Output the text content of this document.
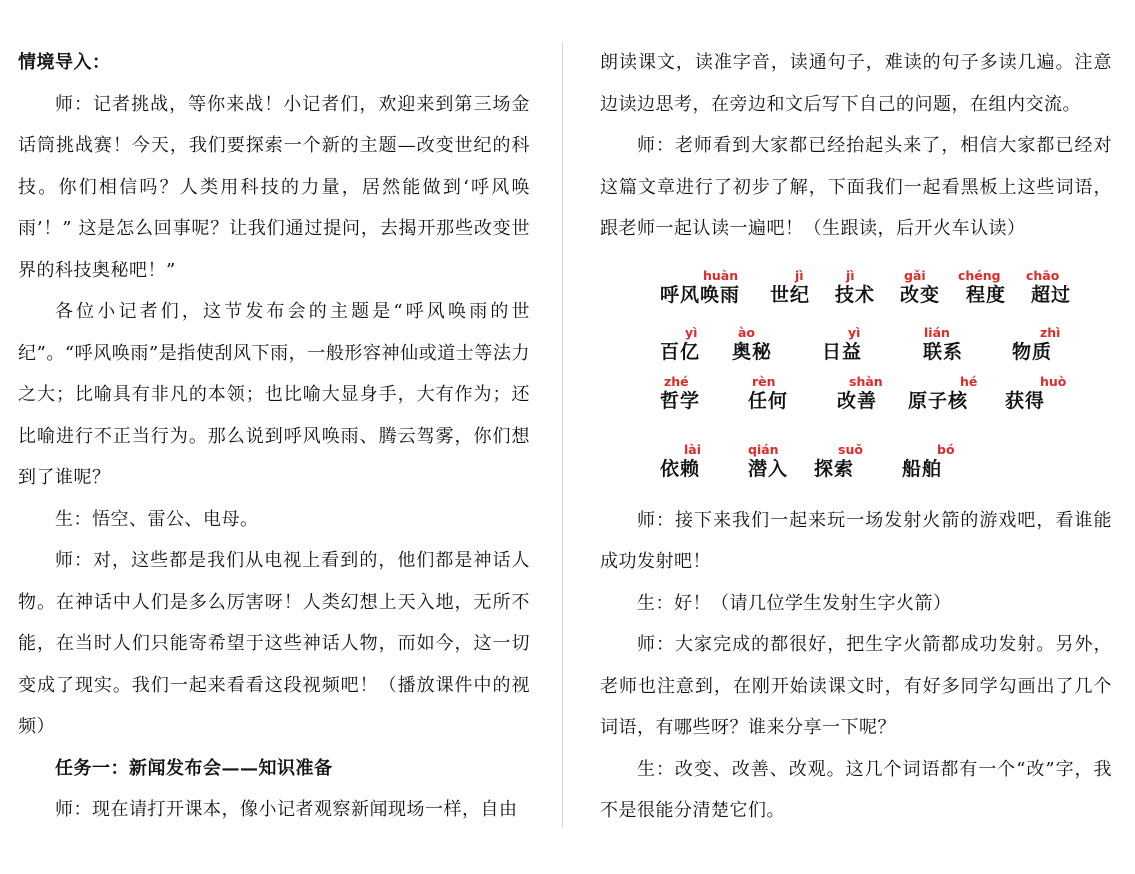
情境导入：

师：记者挑战，等你来战！小记者们，欢迎来到第三场金话筒挑战赛！今天，我们要探索一个新的主题—改变世纪的科技。你们相信吗？人类用科技的力量，居然能做到‘呼风唤雨’！” 这是怎么回事呢？让我们通过提问，去揭开那些改变世界的科技奥秘吧！”

各位小记者们，这节发布会的主题是“呼风唤雨的世纪”。“呼风唤雨”是指使刮风下雨，一般形容神仙或道士等法力之大；比喻具有非凡的本领；也比喻大显身手，大有作为；还比喻进行不正当行为。那么说到呼风唤雨、腾云驾雾，你们想到了谁呢？

生：悟空、雷公、电母。

师：对，这些都是我们从电视上看到的，他们都是神话人物。在神话中人们是多么厉害呀！人类幻想上天入地，无所不能，在当时人们只能寄希望于这些神话人物，而如今，这一切变成了现实。我们一起来看看这段视频吧！（播放课件中的视频）

任务一：新闻发布会——知识准备

师：现在请打开课本，像小记者观察新闻现场一样，自由

朗读课文，读准字音，读通句子，难读的句子多读几遍。注意边读边思考，在旁边和文后写下自己的问题，在组内交流。

师：老师看到大家都已经抬起头来了，相信大家都已经对这篇文章进行了初步了解，下面我们一起看黑板上这些词语，跟老师一起认读一遍吧！（生跟读，后开火车认读）

huàn
呼风唤雨
jì
世纪
jì
技术
gǎi
改变
chéng
程度
chāo
超过
yì
百亿
ào
奥秘
yì
日益
lián
联系
zhì
物质
zhé
哲学
rèn
任何
shàn
改善
hé
原子核
huò
获得
lài
依赖
qián
潜入
suǒ
探索
bó
船舶

师：接下来我们一起来玩一场发射火箭的游戏吧，看谁能成功发射吧！

生：好！（请几位学生发射生字火箭）

师：大家完成的都很好，把生字火箭都成功发射。另外，老师也注意到，在刚开始读课文时，有好多同学勾画出了几个词语，有哪些呀？谁来分享一下呢？

生：改变、改善、改观。这几个词语都有一个“改”字，我不是很能分清楚它们。
